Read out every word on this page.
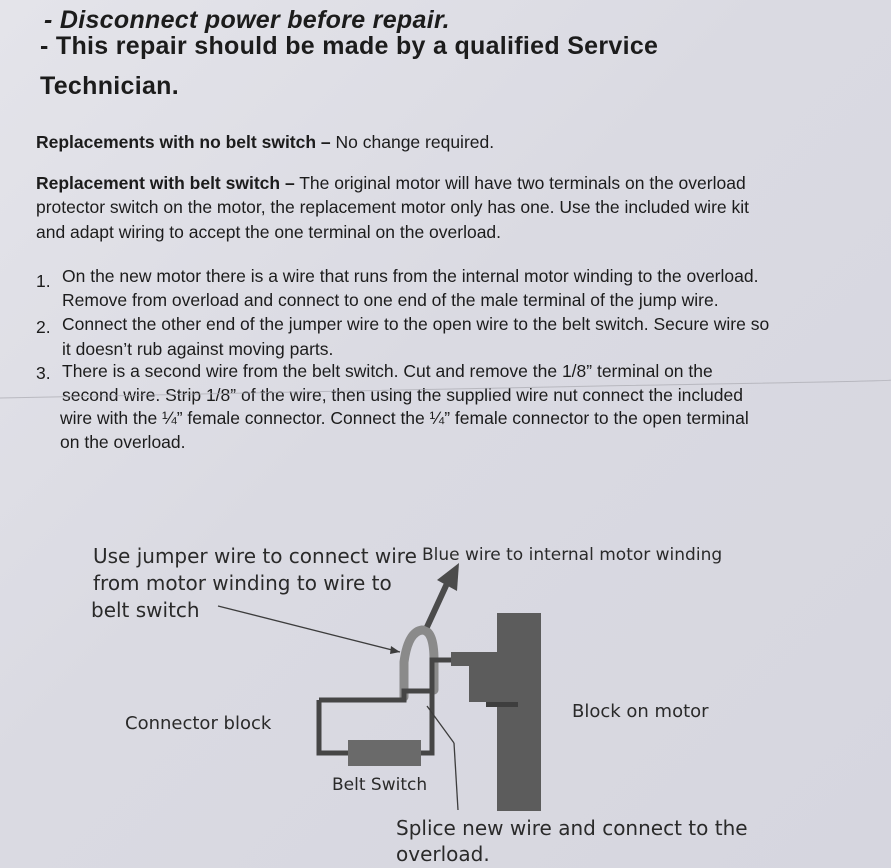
- Disconnect power before repair.
- This repair should be made by a qualified Service
Technician.
Replacements with no belt switch – No change required.
Replacement with belt switch – The original motor will have two terminals on the overload
protector switch on the motor, the replacement motor only has one. Use the included wire kit
and adapt wiring to accept the one terminal on the overload.
1. On the new motor there is a wire that runs from the internal motor winding to the overload.
Remove from overload and connect to one end of the male terminal of the jump wire.
2. Connect the other end of the jumper wire to the open wire to the belt switch. Secure wire so
it doesn’t rub against moving parts.
3. There is a second wire from the belt switch. Cut and remove the 1/8” terminal on the
second wire. Strip 1/8” of the wire, then using the supplied wire nut connect the included
wire with the ¼” female connector. Connect the ¼” female connector to the open terminal
on the overload.
Use jumper wire to connect wire
from motor winding to wire to
belt switch
Blue wire to internal motor winding
Connector block
Block on motor
Belt Switch
Splice new wire and connect to the
overload.
